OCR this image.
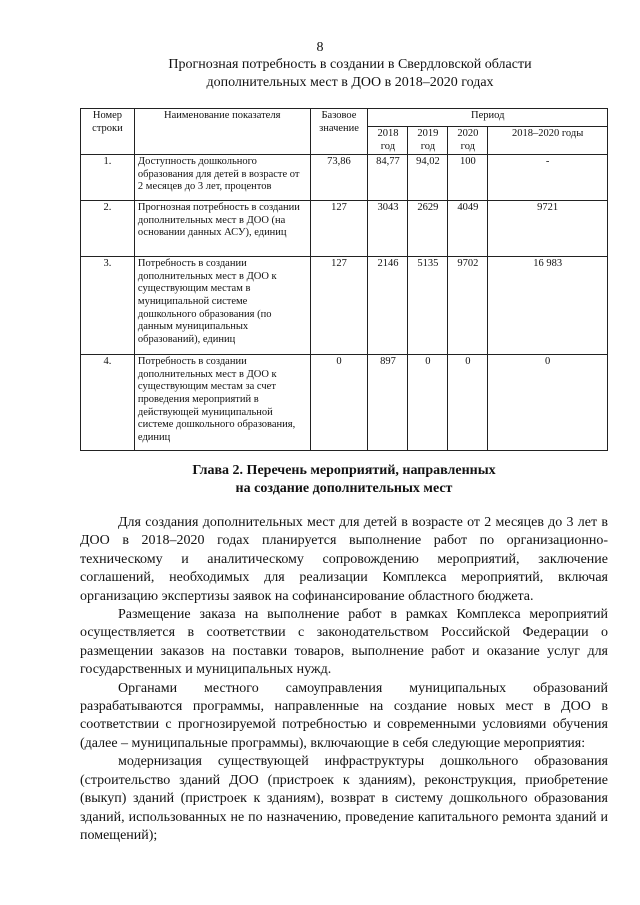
8
Прогнозная потребность в создании в Свердловской области
дополнительных мест в ДОО в 2018–2020 годах
Номер строки	Наименование показателя	Базовое значение	Период			
			2018 год	2019 год	2020 год	2018–2020 годы
1.	Доступность дошкольного образования для детей в возрасте от 2 месяцев до 3 лет, процентов	73,86	84,77	94,02	100	-
2.	Прогнозная потребность в создании дополнительных мест в ДОО (на основании данных АСУ), единиц	127	3043	2629	4049	9721
3.	Потребность в создании дополнительных мест в ДОО к существующим местам в муниципальной системе дошкольного образования (по данным муниципальных образований), единиц	127	2146	5135	9702	16 983
4.	Потребность в создании дополнительных мест в ДОО к существующим местам за счет проведения мероприятий в действующей муниципальной системе дошкольного образования, единиц	0	897	0	0	0
Глава 2. Перечень мероприятий, направленных
на создание дополнительных мест

Для создания дополнительных мест для детей в возрасте от 2 месяцев до 3 лет в ДОО в 2018–2020 годах планируется выполнение работ по организационно-техническому и аналитическому сопровождению мероприятий, заключение соглашений, необходимых для реализации Комплекса мероприятий, включая организацию экспертизы заявок на софинансирование областного бюджета.

Размещение заказа на выполнение работ в рамках Комплекса мероприятий осуществляется в соответствии с законодательством Российской Федерации о размещении заказов на поставки товаров, выполнение работ и оказание услуг для государственных и муниципальных нужд.

Органами местного самоуправления муниципальных образований разрабатываются программы, направленные на создание новых мест в ДОО в соответствии с прогнозируемой потребностью и современными условиями обучения (далее – муниципальные программы), включающие в себя следующие мероприятия:

модернизация существующей инфраструктуры дошкольного образования (строительство зданий ДОО (пристроек к зданиям), реконструкция, приобретение (выкуп) зданий (пристроек к зданиям), возврат в систему дошкольного образования зданий, использованных не по назначению, проведение капитального ремонта зданий и помещений);
